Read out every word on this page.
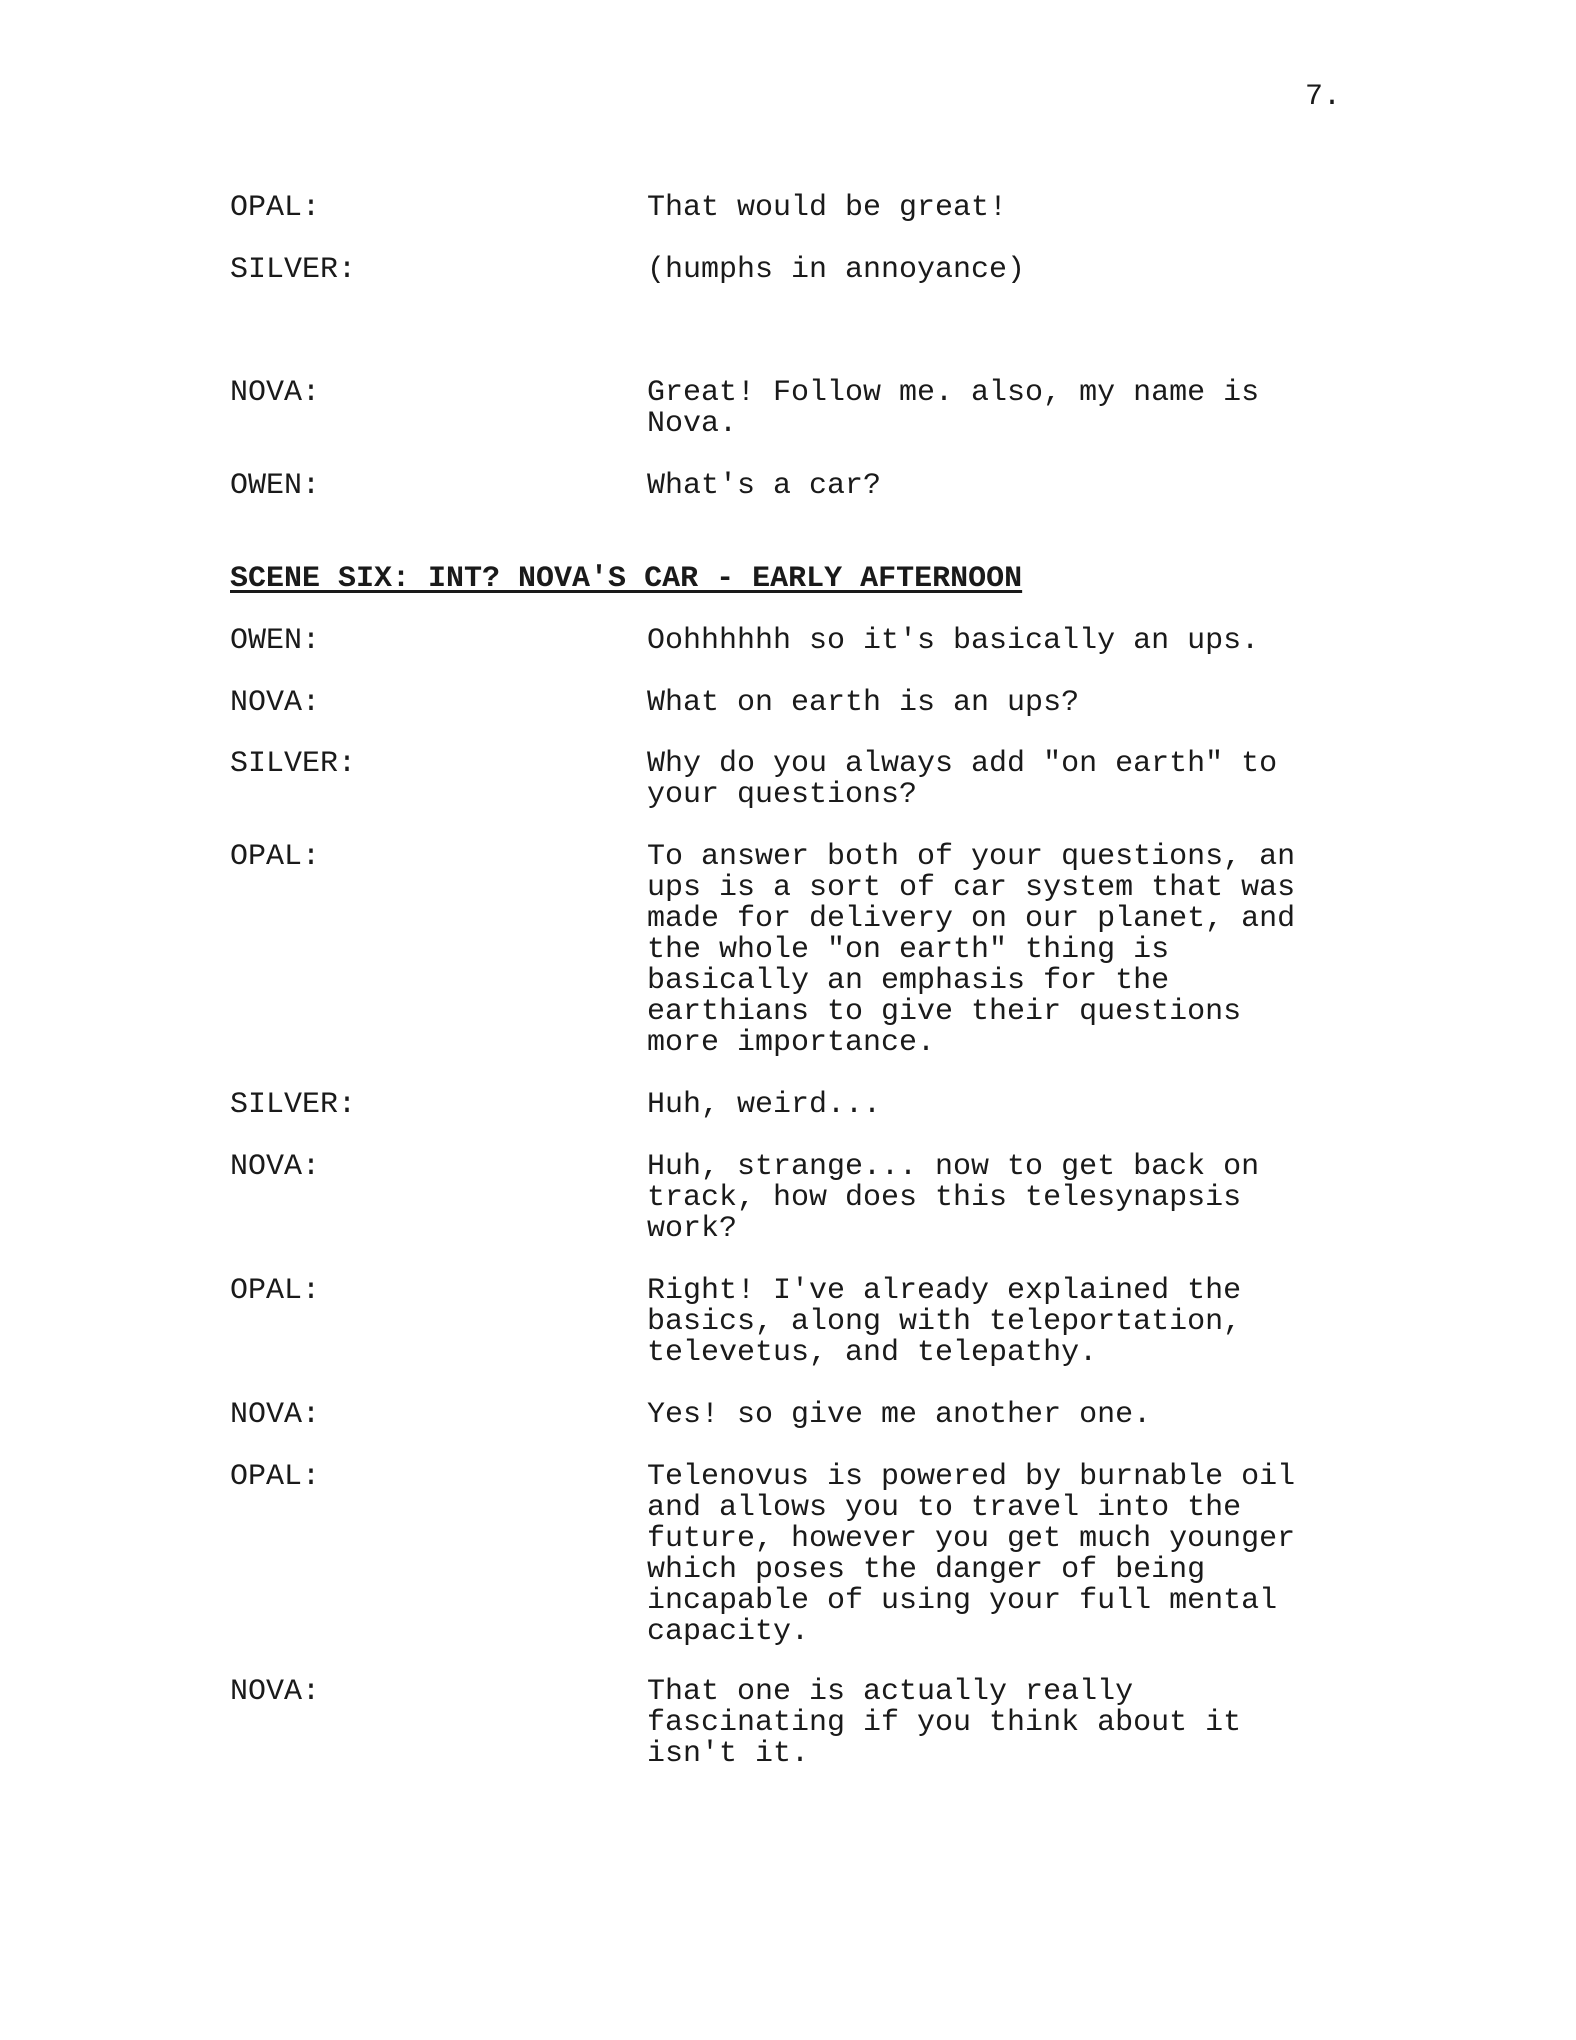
7.
OPAL:	That would be great!
SILVER:	(humphs in annoyance)
NOVA:	Great! Follow me. also, my name is
Nova.
OWEN:	What's a car?
SCENE SIX: INT? NOVA'S CAR - EARLY AFTERNOON
OWEN:	Oohhhhhh so it's basically an ups.
NOVA:	What on earth is an ups?
SILVER:	Why do you always add "on earth" to
your questions?
OPAL:	To answer both of your questions, an
ups is a sort of car system that was
made for delivery on our planet, and
the whole "on earth" thing is
basically an emphasis for the
earthians to give their questions
more importance.
SILVER:	Huh, weird...
NOVA:	Huh, strange... now to get back on
track, how does this telesynapsis
work?
OPAL:	Right! I've already explained the
basics, along with teleportation,
televetus, and telepathy.
NOVA:	Yes! so give me another one.
OPAL:	Telenovus is powered by burnable oil
and allows you to travel into the
future, however you get much younger
which poses the danger of being
incapable of using your full mental
capacity.
NOVA:	That one is actually really
fascinating if you think about it
isn't it.
